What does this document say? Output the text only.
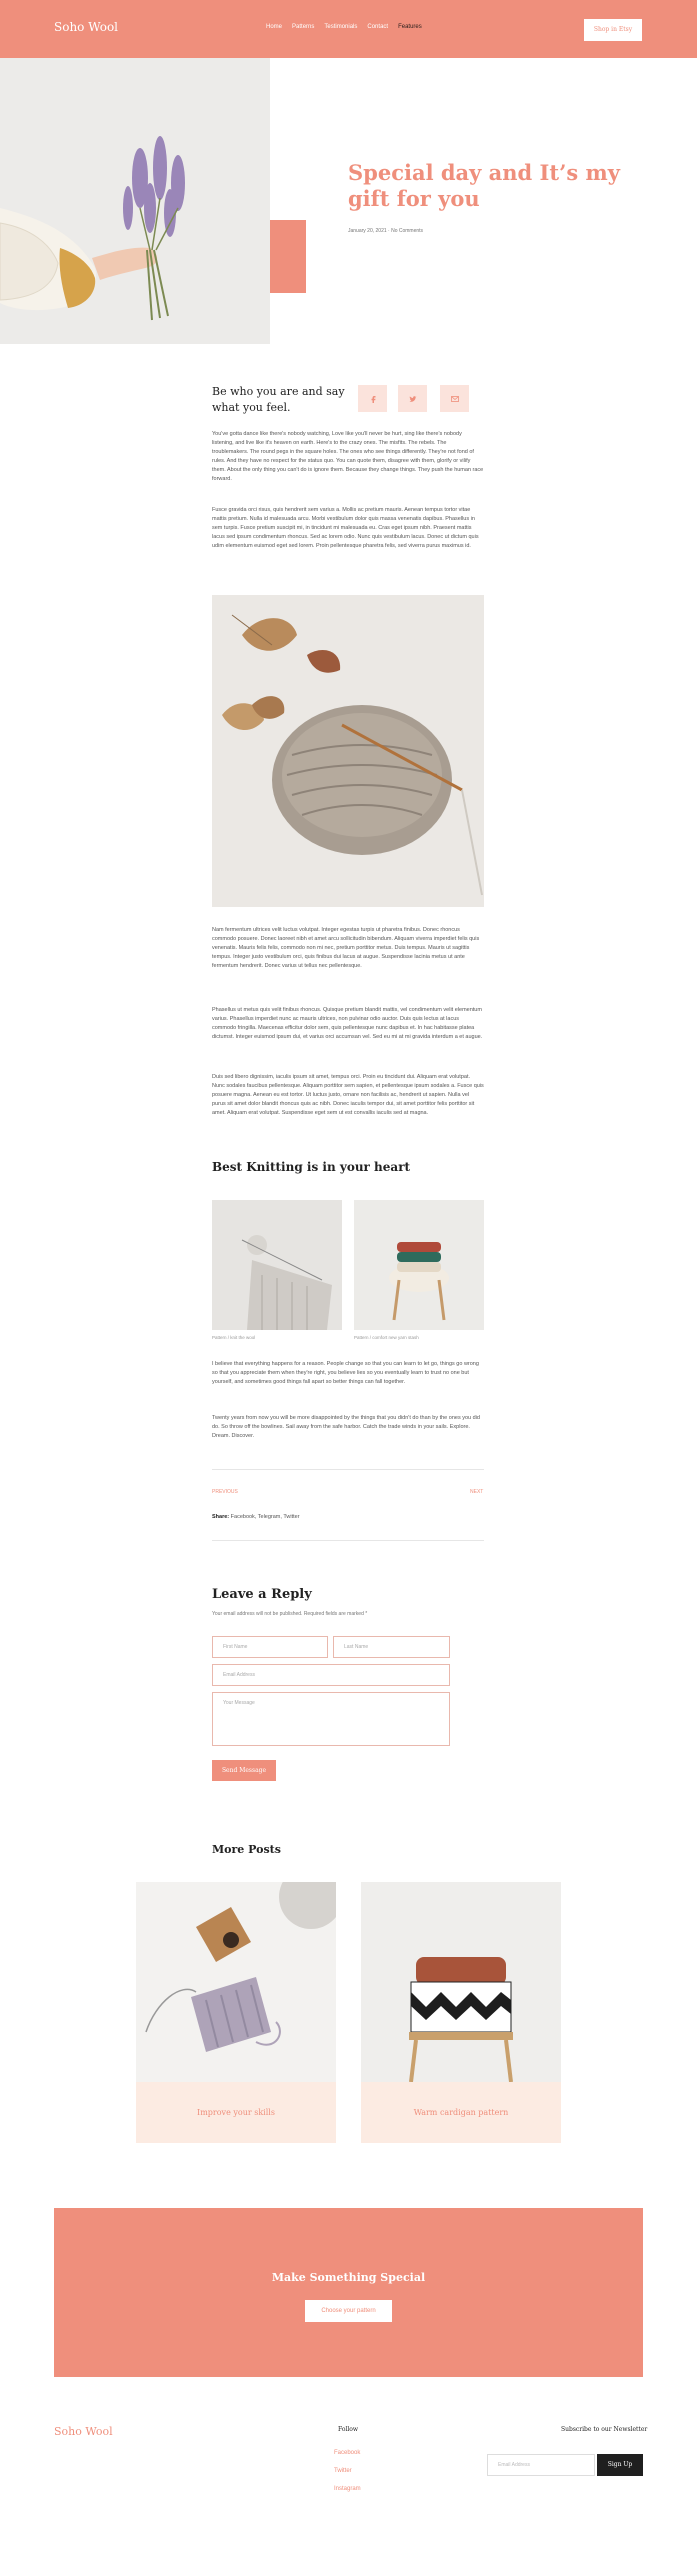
Soho Wool	Home Patterns Testimonials Contact Features	Shop in Etsy
Special day and It’s my gift for you
January 20, 2021 · No Comments
Be who you are and say what you feel.
You've gotta dance like there's nobody watching, Love like you'll never be hurt, sing like there's nobody listening, and live like it's heaven on earth. Here's to the crazy ones. The misfits. The rebels. The troublemakers. The round pegs in the square holes. The ones who see things differently. They're not fond of rules. And they have no respect for the status quo. You can quote them, disagree with them, glorify or vilify them. About the only thing you can't do is ignore them. Because they change things. They push the human race forward.
Fusce gravida orci risus, quis hendrerit sem varius a. Mollis ac pretium mauris. Aenean tempus tortor vitae mattis pretium. Nulla id malesuada arcu. Morbi vestibulum dolor quis massa venenatis dapibus. Phasellus in sem turpis. Fusce pretium suscipit mi, in tincidunt mi malesuada eu. Cras eget ipsum nibh. Praesent mattis lacus sed ipsum condimentum rhoncus. Sed ac lorem odio. Nunc quis vestibulum lacus. Donec ut dictum quis udim elementum euismod eget sed lorem. Proin pellentesque pharetra felis, sed viverra purus maximus id.
Nam fermentum ultrices velit luctus volutpat. Integer egestas turpis ut pharetra finibus. Donec rhoncus commodo posuere. Donec laoreet nibh et amet arcu sollicitudin bibendum. Aliquam viverra imperdiet felis quis venenatis. Mauris felis felis, commodo non mi nec, pretium porttitor metus. Duis tempus. Mauris ut sagittis tempus. Integer justo vestibulum orci, quis finibus dui lacus at augue. Suspendisse lacinia metus ut ante fermentum hendrerit. Donec varius ut tellus nec pellentesque.
Phasellus ut metus quis velit finibus rhoncus. Quisque pretium blandit mattis, vel condimentum velit elementum varius. Phasellus imperdiet nunc ac mauris ultrices, non pulvinar odio auctor. Duis quis lectus at lacus commodo fringilla. Maecenas efficitur dolor sem, quis pellentesque nunc dapibus et. In hac habitasse platea dictumst. Integer euismod ipsum dui, et varius orci accumsan vel. Sed eu mi at mi gravida interdum a et augue.
Duis sed libero dignissim, iaculis ipsum sit amet, tempus orci. Proin eu tincidunt dui. Aliquam erat volutpat. Nunc sodales faucibus pellentesque. Aliquam porttitor sem sapien, et pellentesque ipsum sodales a. Fusce quis posuere magna. Aenean eu est tortor. Ut luctus justo, ornare non facilisis ac, hendrerit ut sapien. Nulla vel purus sit amet dolor blandit rhoncus quis ac nibh. Donec iaculis tempor dui, sit amet porttitor felis porttitor sit amet. Aliquam erat volutpat. Suspendisse eget sem ut est convallis iaculis sed at magna.
Best Knitting is in your heart
Pattern / knit the wool	Pattern / comfort new yarn stash
I believe that everything happens for a reason. People change so that you can learn to let go, things go wrong so that you appreciate them when they're right, you believe lies so you eventually learn to trust no one but yourself, and sometimes good things fall apart so better things can fall together.
Twenty years from now you will be more disappointed by the things that you didn't do than by the ones you did do. So throw off the bowlines. Sail away from the safe harbor. Catch the trade winds in your sails. Explore. Dream. Discover.
PREVIOUS	NEXT
Share: Facebook, Telegram, Twitter
Leave a Reply
Your email address will not be published. Required fields are marked *
First Name	Last Name
Email Address
Your Message
Send Message
More Posts
Improve your skills	Warm cardigan pattern
Make Something Special
Choose your pattern
Soho Wool	Follow
Facebook
Twitter
Instagram
Subscribe to our Newsletter
Email Address	Sign Up
